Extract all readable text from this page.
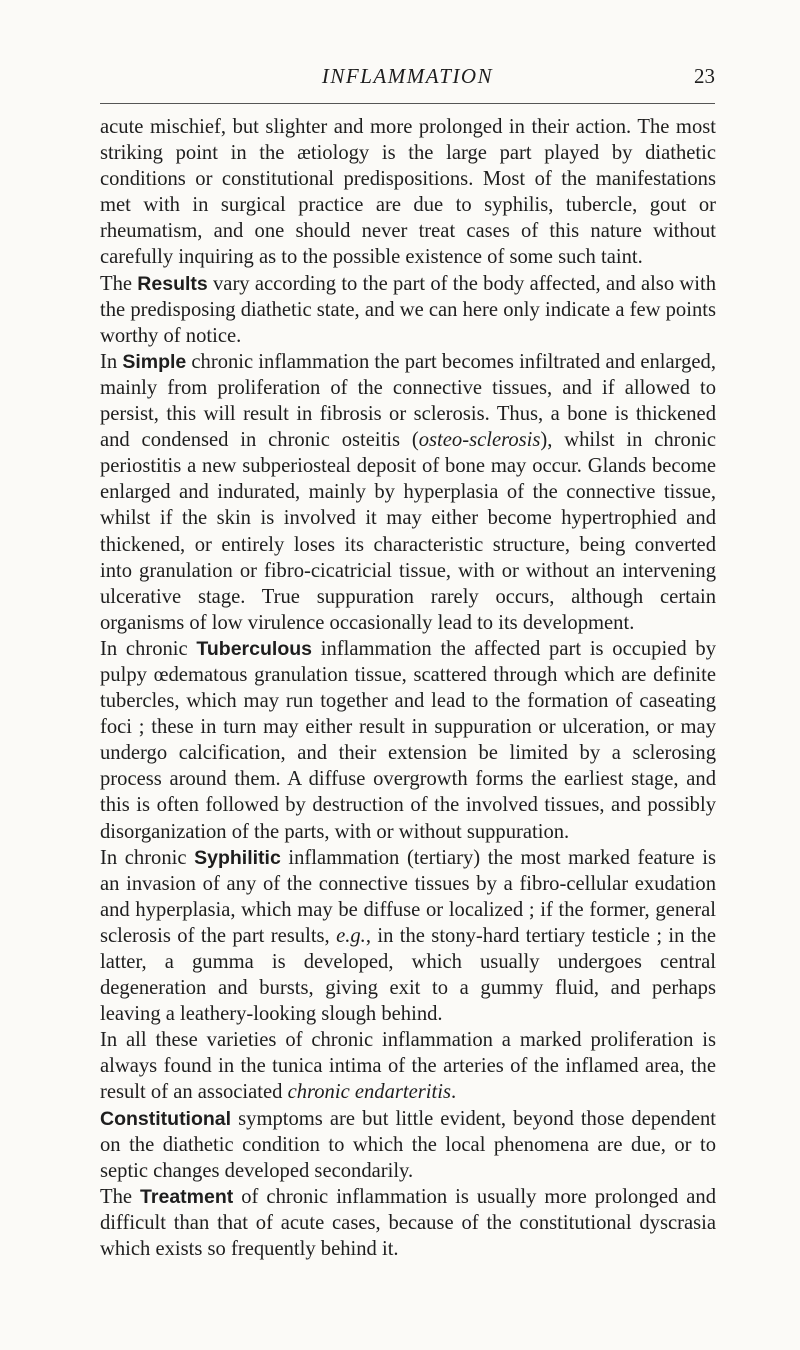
INFLAMMATION	23

acute mischief, but slighter and more prolonged in their action. The most striking point in the ætiology is the large part played by diathetic conditions or constitutional predispositions. Most of the manifestations met with in surgical practice are due to syphilis, tubercle, gout or rheumatism, and one should never treat cases of this nature without carefully inquiring as to the possible existence of some such taint.

The Results vary according to the part of the body affected, and also with the predisposing diathetic state, and we can here only indicate a few points worthy of notice.

In Simple chronic inflammation the part becomes infiltrated and enlarged, mainly from proliferation of the connective tissues, and if allowed to persist, this will result in fibrosis or sclerosis. Thus, a bone is thickened and condensed in chronic osteitis (osteo-sclerosis), whilst in chronic periostitis a new subperiosteal deposit of bone may occur. Glands become enlarged and indurated, mainly by hyperplasia of the connective tissue, whilst if the skin is involved it may either become hypertrophied and thickened, or entirely loses its characteristic structure, being converted into granulation or fibro-cicatricial tissue, with or without an intervening ulcerative stage. True suppuration rarely occurs, although certain organisms of low virulence occasionally lead to its development.

In chronic Tuberculous inflammation the affected part is occupied by pulpy œdematous granulation tissue, scattered through which are definite tubercles, which may run together and lead to the formation of caseating foci ; these in turn may either result in suppuration or ulceration, or may undergo calcification, and their extension be limited by a sclerosing process around them. A diffuse overgrowth forms the earliest stage, and this is often followed by destruction of the involved tissues, and possibly disorganization of the parts, with or without suppuration.

In chronic Syphilitic inflammation (tertiary) the most marked feature is an invasion of any of the connective tissues by a fibro-cellular exudation and hyperplasia, which may be diffuse or localized ; if the former, general sclerosis of the part results, e.g., in the stony-hard tertiary testicle ; in the latter, a gumma is developed, which usually undergoes central degeneration and bursts, giving exit to a gummy fluid, and perhaps leaving a leathery-looking slough behind.

In all these varieties of chronic inflammation a marked proliferation is always found in the tunica intima of the arteries of the inflamed area, the result of an associated chronic endarteritis.

Constitutional symptoms are but little evident, beyond those dependent on the diathetic condition to which the local phenomena are due, or to septic changes developed secondarily.

The Treatment of chronic inflammation is usually more prolonged and difficult than that of acute cases, because of the constitutional dyscrasia which exists so frequently behind it.
